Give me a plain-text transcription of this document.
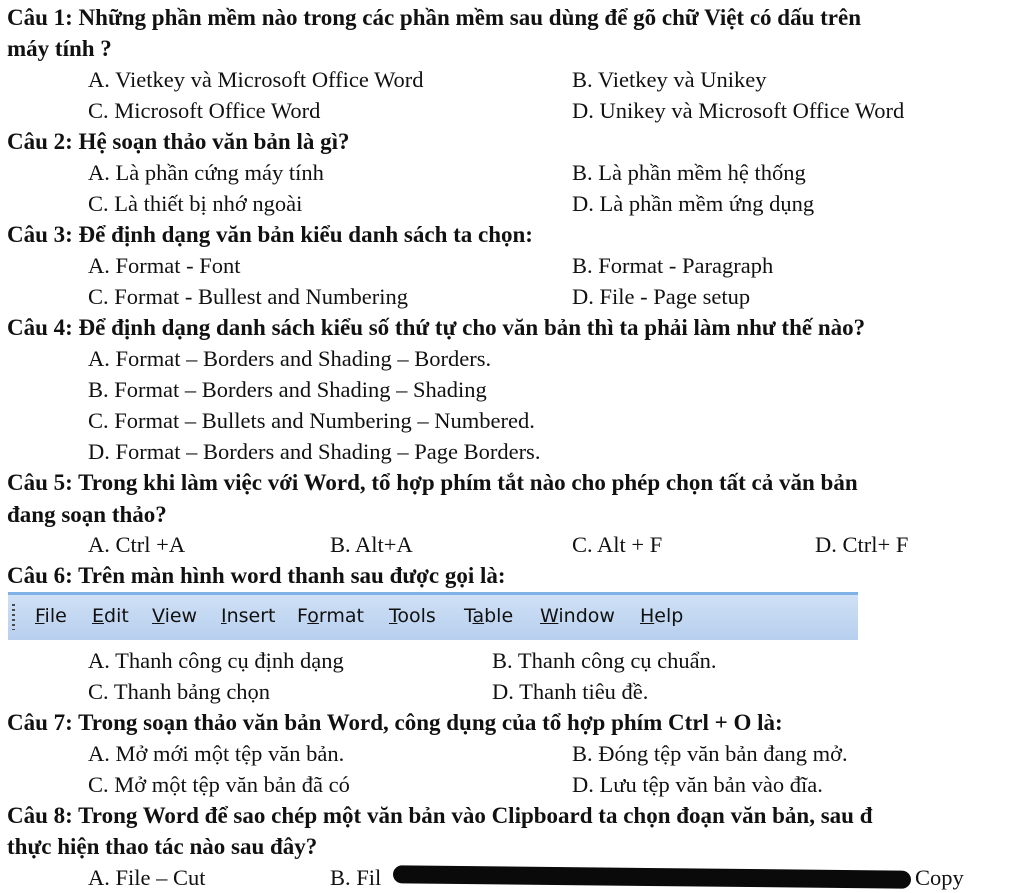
Câu 1: Những phần mềm nào trong các phần mềm sau dùng để gõ chữ Việt có dấu trên
máy tính ?
A. Vietkey và Microsoft Office Word	B. Vietkey và Unikey
C. Microsoft Office Word	D. Unikey và Microsoft Office Word
Câu 2: Hệ soạn thảo văn bản là gì?
A. Là phần cứng máy tính	B. Là phần mềm hệ thống
C. Là thiết bị nhớ ngoài	D. Là phần mềm ứng dụng
Câu 3: Để định dạng văn bản kiểu danh sách ta chọn:
A. Format - Font	B. Format - Paragraph
C. Format - Bullest and Numbering	D. File - Page setup
Câu 4: Để định dạng danh sách kiểu số thứ tự cho văn bản thì ta phải làm như thế nào?
A. Format – Borders and Shading – Borders.
B. Format – Borders and Shading – Shading
C. Format – Bullets and Numbering – Numbered.
D. Format – Borders and Shading – Page Borders.
Câu 5: Trong khi làm việc với Word, tổ hợp phím tắt nào cho phép chọn tất cả văn bản
đang soạn thảo?
A. Ctrl +A	B. Alt+A	C. Alt + F	D. Ctrl+ F
Câu 6: Trên màn hình word thanh sau được gọi là:
File Edit View Insert Format Tools Table Window Help
A. Thanh công cụ định dạng	B. Thanh công cụ chuẩn.
C. Thanh bảng chọn	D. Thanh tiêu đề.
Câu 7: Trong soạn thảo văn bản Word, công dụng của tổ hợp phím Ctrl + O là:
A. Mở mới một tệp văn bản.	B. Đóng tệp văn bản đang mở.
C. Mở một tệp văn bản đã có	D. Lưu tệp văn bản vào đĩa.
Câu 8: Trong Word để sao chép một văn bản vào Clipboard ta chọn đoạn văn bản, sau đ
thực hiện thao tác nào sau đây?
A. File – Cut	B. Fil	Copy
